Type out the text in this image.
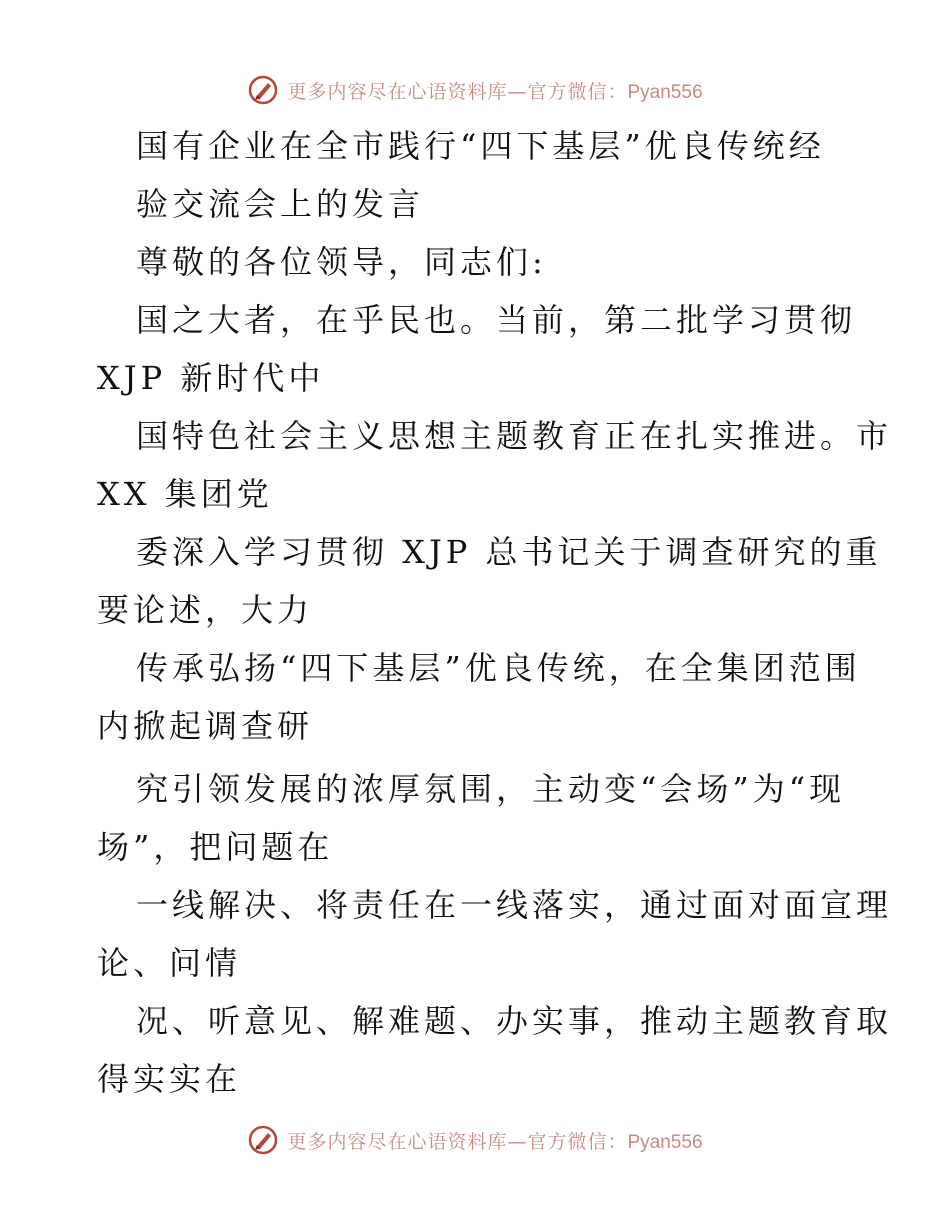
更多内容尽在心语资料库—官方微信：Pyan556
国有企业在全市践行“四下基层”优良传统经
验交流会上的发言
尊敬的各位领导，同志们:
国之大者，在乎民也。当前，第二批学习贯彻
XJP 新时代中
国特色社会主义思想主题教育正在扎实推进。市
XX 集团党
委深入学习贯彻 XJP 总书记关于调查研究的重
要论述，大力
传承弘扬“四下基层”优良传统，在全集团范围
内掀起调查研
究引领发展的浓厚氛围，主动变“会场”为“现
场”，把问题在
一线解决、将责任在一线落实，通过面对面宣理
论、问情
况、听意见、解难题、办实事，推动主题教育取
得实实在
更多内容尽在心语资料库—官方微信：Pyan556
